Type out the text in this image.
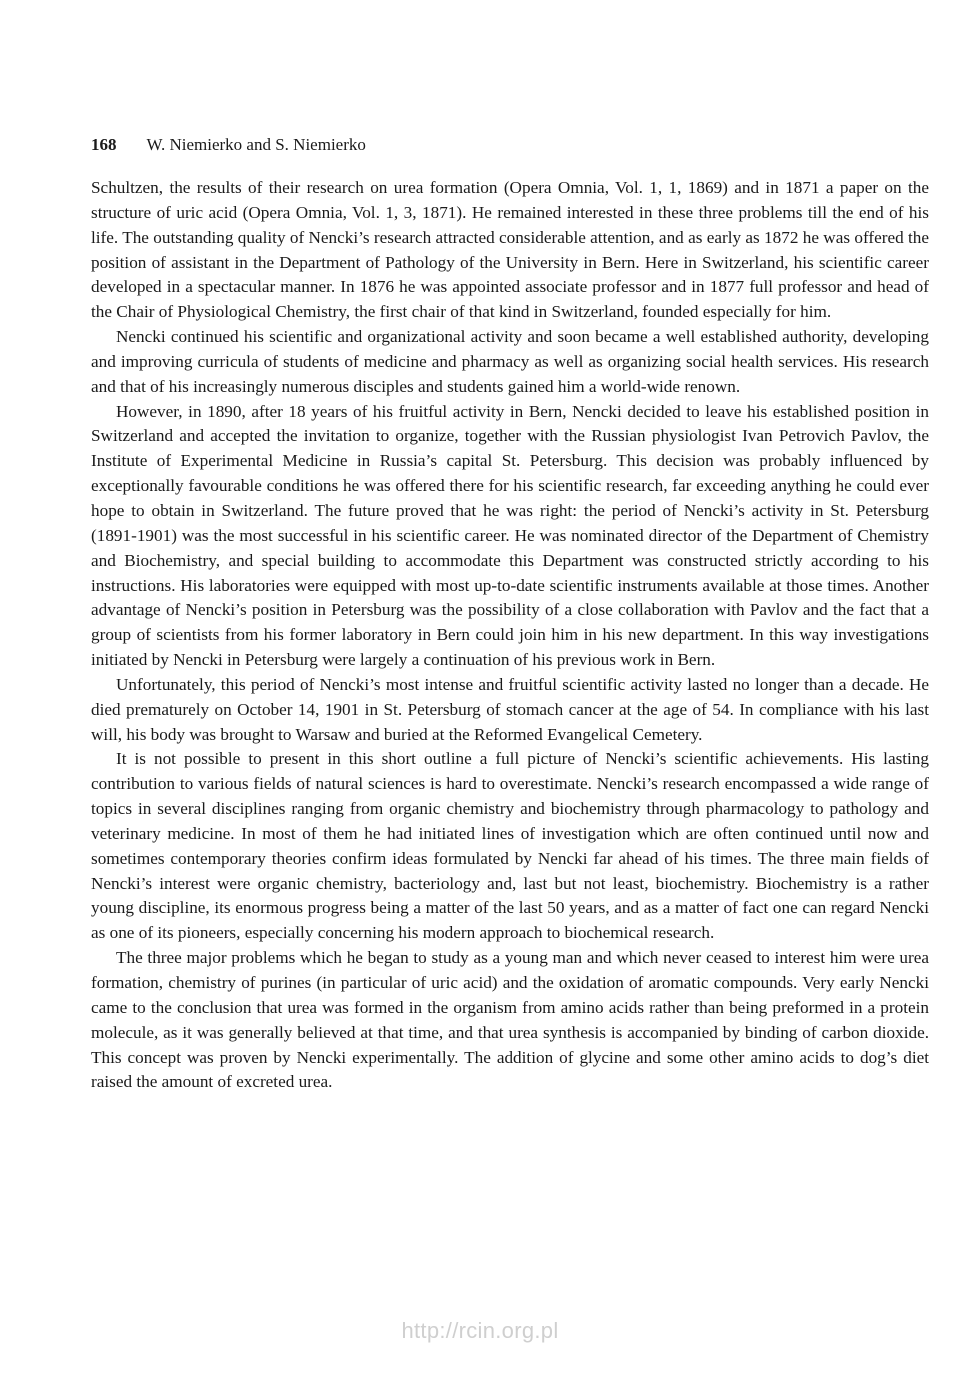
168 W. Niemierko and S. Niemierko

Schultzen, the results of their research on urea formation (Opera Omnia, Vol. 1, 1, 1869) and in 1871 a paper on the structure of uric acid (Opera Omnia, Vol. 1, 3, 1871). He remained interested in these three problems till the end of his life. The outstanding quality of Nencki’s research attracted considerable attention, and as early as 1872 he was offered the position of assistant in the Department of Pathology of the University in Bern. Here in Switzerland, his scientific career developed in a spectacular manner. In 1876 he was appointed associate professor and in 1877 full professor and head of the Chair of Physiological Chemistry, the first chair of that kind in Switzerland, founded especially for him.

Nencki continued his scientific and organizational activity and soon became a well established authority, developing and improving curricula of students of medicine and pharmacy as well as organizing social health services. His research and that of his increasingly numerous disciples and students gained him a world-wide renown.

However, in 1890, after 18 years of his fruitful activity in Bern, Nencki decided to leave his established position in Switzerland and accepted the invitation to organize, together with the Russian physiologist Ivan Petrovich Pavlov, the Institute of Experimental Medicine in Russia’s capital St. Petersburg. This decision was probably influenced by exceptionally favourable conditions he was offered there for his scientific research, far exceeding anything he could ever hope to obtain in Switzerland. The future proved that he was right: the period of Nencki’s activity in St. Petersburg (1891-1901) was the most successful in his scientific career. He was nominated director of the Department of Chemistry and Biochemistry, and special building to accommodate this Department was constructed strictly according to his instructions. His laboratories were equipped with most up-to-date scientific instruments available at those times. Another advantage of Nencki’s position in Petersburg was the possibility of a close collaboration with Pavlov and the fact that a group of scientists from his former laboratory in Bern could join him in his new department. In this way investigations initiated by Nencki in Petersburg were largely a continuation of his previous work in Bern.

Unfortunately, this period of Nencki’s most intense and fruitful scientific activity lasted no longer than a decade. He died prematurely on October 14, 1901 in St. Petersburg of stomach cancer at the age of 54. In compliance with his last will, his body was brought to Warsaw and buried at the Reformed Evangelical Cemetery.

It is not possible to present in this short outline a full picture of Nencki’s scientific achievements. His lasting contribution to various fields of natural sciences is hard to overestimate. Nencki’s research encompassed a wide range of topics in several disciplines ranging from organic chemistry and biochemistry through pharmacology to pathology and veterinary medicine. In most of them he had initiated lines of investigation which are often continued until now and sometimes contemporary theories confirm ideas formulated by Nencki far ahead of his times. The three main fields of Nencki’s interest were organic chemistry, bacteriology and, last but not least, biochemistry. Biochemistry is a rather young discipline, its enormous progress being a matter of the last 50 years, and as a matter of fact one can regard Nencki as one of its pioneers, especially concerning his modern approach to biochemical research.

The three major problems which he began to study as a young man and which never ceased to interest him were urea formation, chemistry of purines (in particular of uric acid) and the oxidation of aromatic compounds. Very early Nencki came to the conclusion that urea was formed in the organism from amino acids rather than being preformed in a protein molecule, as it was generally believed at that time, and that urea synthesis is accompanied by binding of carbon dioxide. This concept was proven by Nencki experimentally. The addition of glycine and some other amino acids to dog’s diet raised the amount of excreted urea.

http://rcin.org.pl
